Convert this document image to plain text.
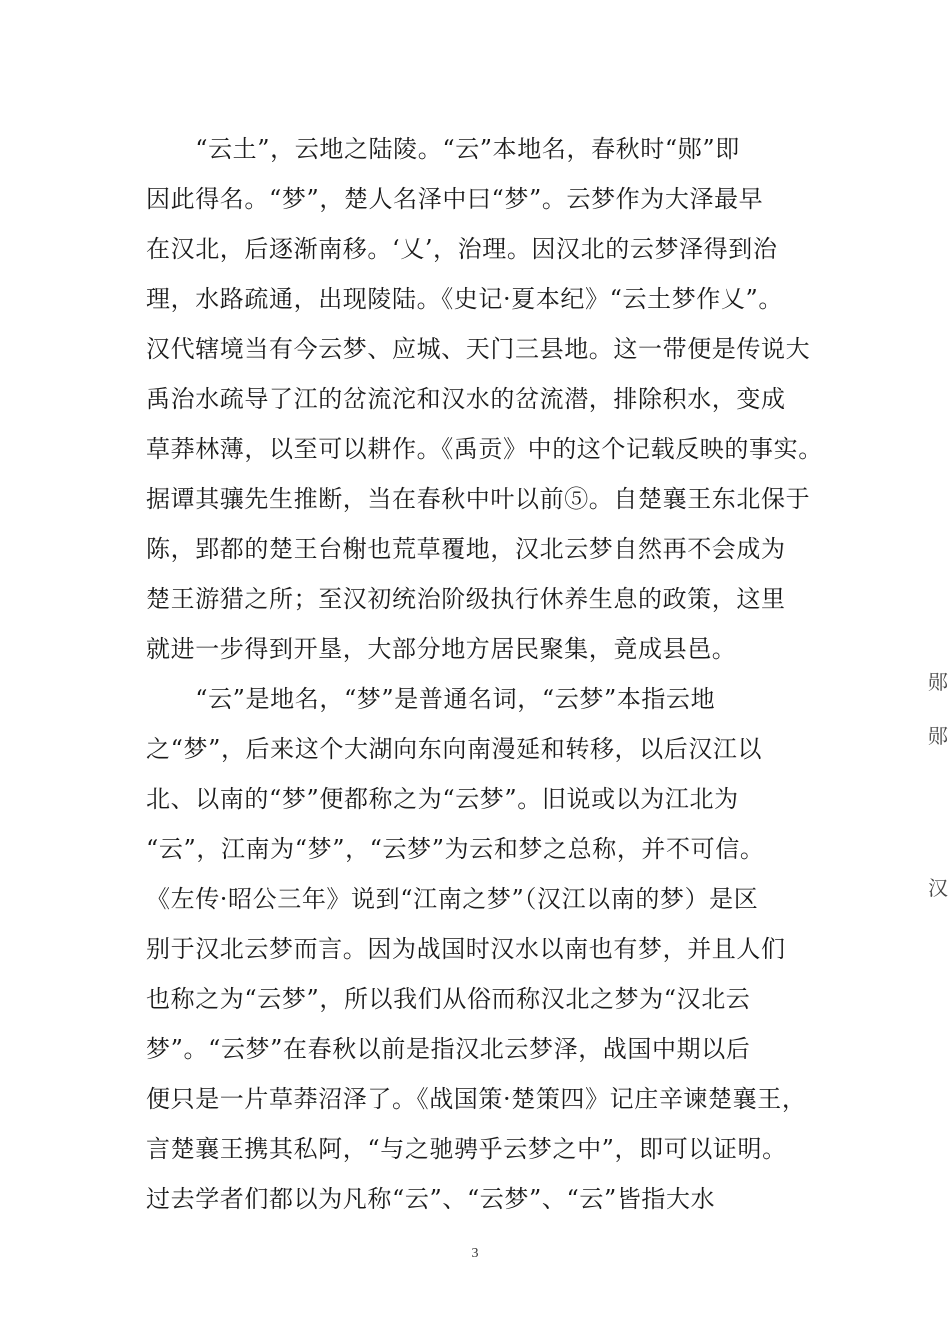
　　“云土”，云地之陆陵。“云”本地名，春秋时“郧”即
因此得名。“梦”，楚人名泽中曰“梦”。云梦作为大泽最早
在汉北，后逐渐南移。‘乂’，治理。因汉北的云梦泽得到治
理，水路疏通，出现陵陆。《史记·夏本纪》“云土梦作乂”。
汉代辖境当有今云梦、应城、天门三县地。这一带便是传说大
禹治水疏导了江的岔流沱和汉水的岔流潜，排除积水，变成
草莽林薄，以至可以耕作。《禹贡》中的这个记载反映的事实。
据谭其骧先生推断，当在春秋中叶以前⑤。自楚襄王东北保于
陈，郢都的楚王台榭也荒草覆地，汉北云梦自然再不会成为
楚王游猎之所；至汉初统治阶级执行休养生息的政策，这里
就进一步得到开垦，大部分地方居民聚集，竟成县邑。
　　“云”是地名，“梦”是普通名词，“云梦”本指云地
之“梦”，后来这个大湖向东向南漫延和转移，以后汉江以
北、以南的“梦”便都称之为“云梦”。旧说或以为江北为
“云”，江南为“梦”，“云梦”为云和梦之总称，并不可信。
《左传·昭公三年》说到“江南之梦”（汉江以南的梦）是区
别于汉北云梦而言。因为战国时汉水以南也有梦，并且人们
也称之为“云梦”，所以我们从俗而称汉北之梦为“汉北云
梦”。“云梦”在春秋以前是指汉北云梦泽，战国中期以后
便只是一片草莽沼泽了。《战国策·楚策四》记庄辛谏楚襄王，
言楚襄王携其私阿，“与之驰骋乎云梦之中”，即可以证明。
过去学者们都以为凡称“云”、“云梦”、“云”皆指大水
郧
郧
汉
3
